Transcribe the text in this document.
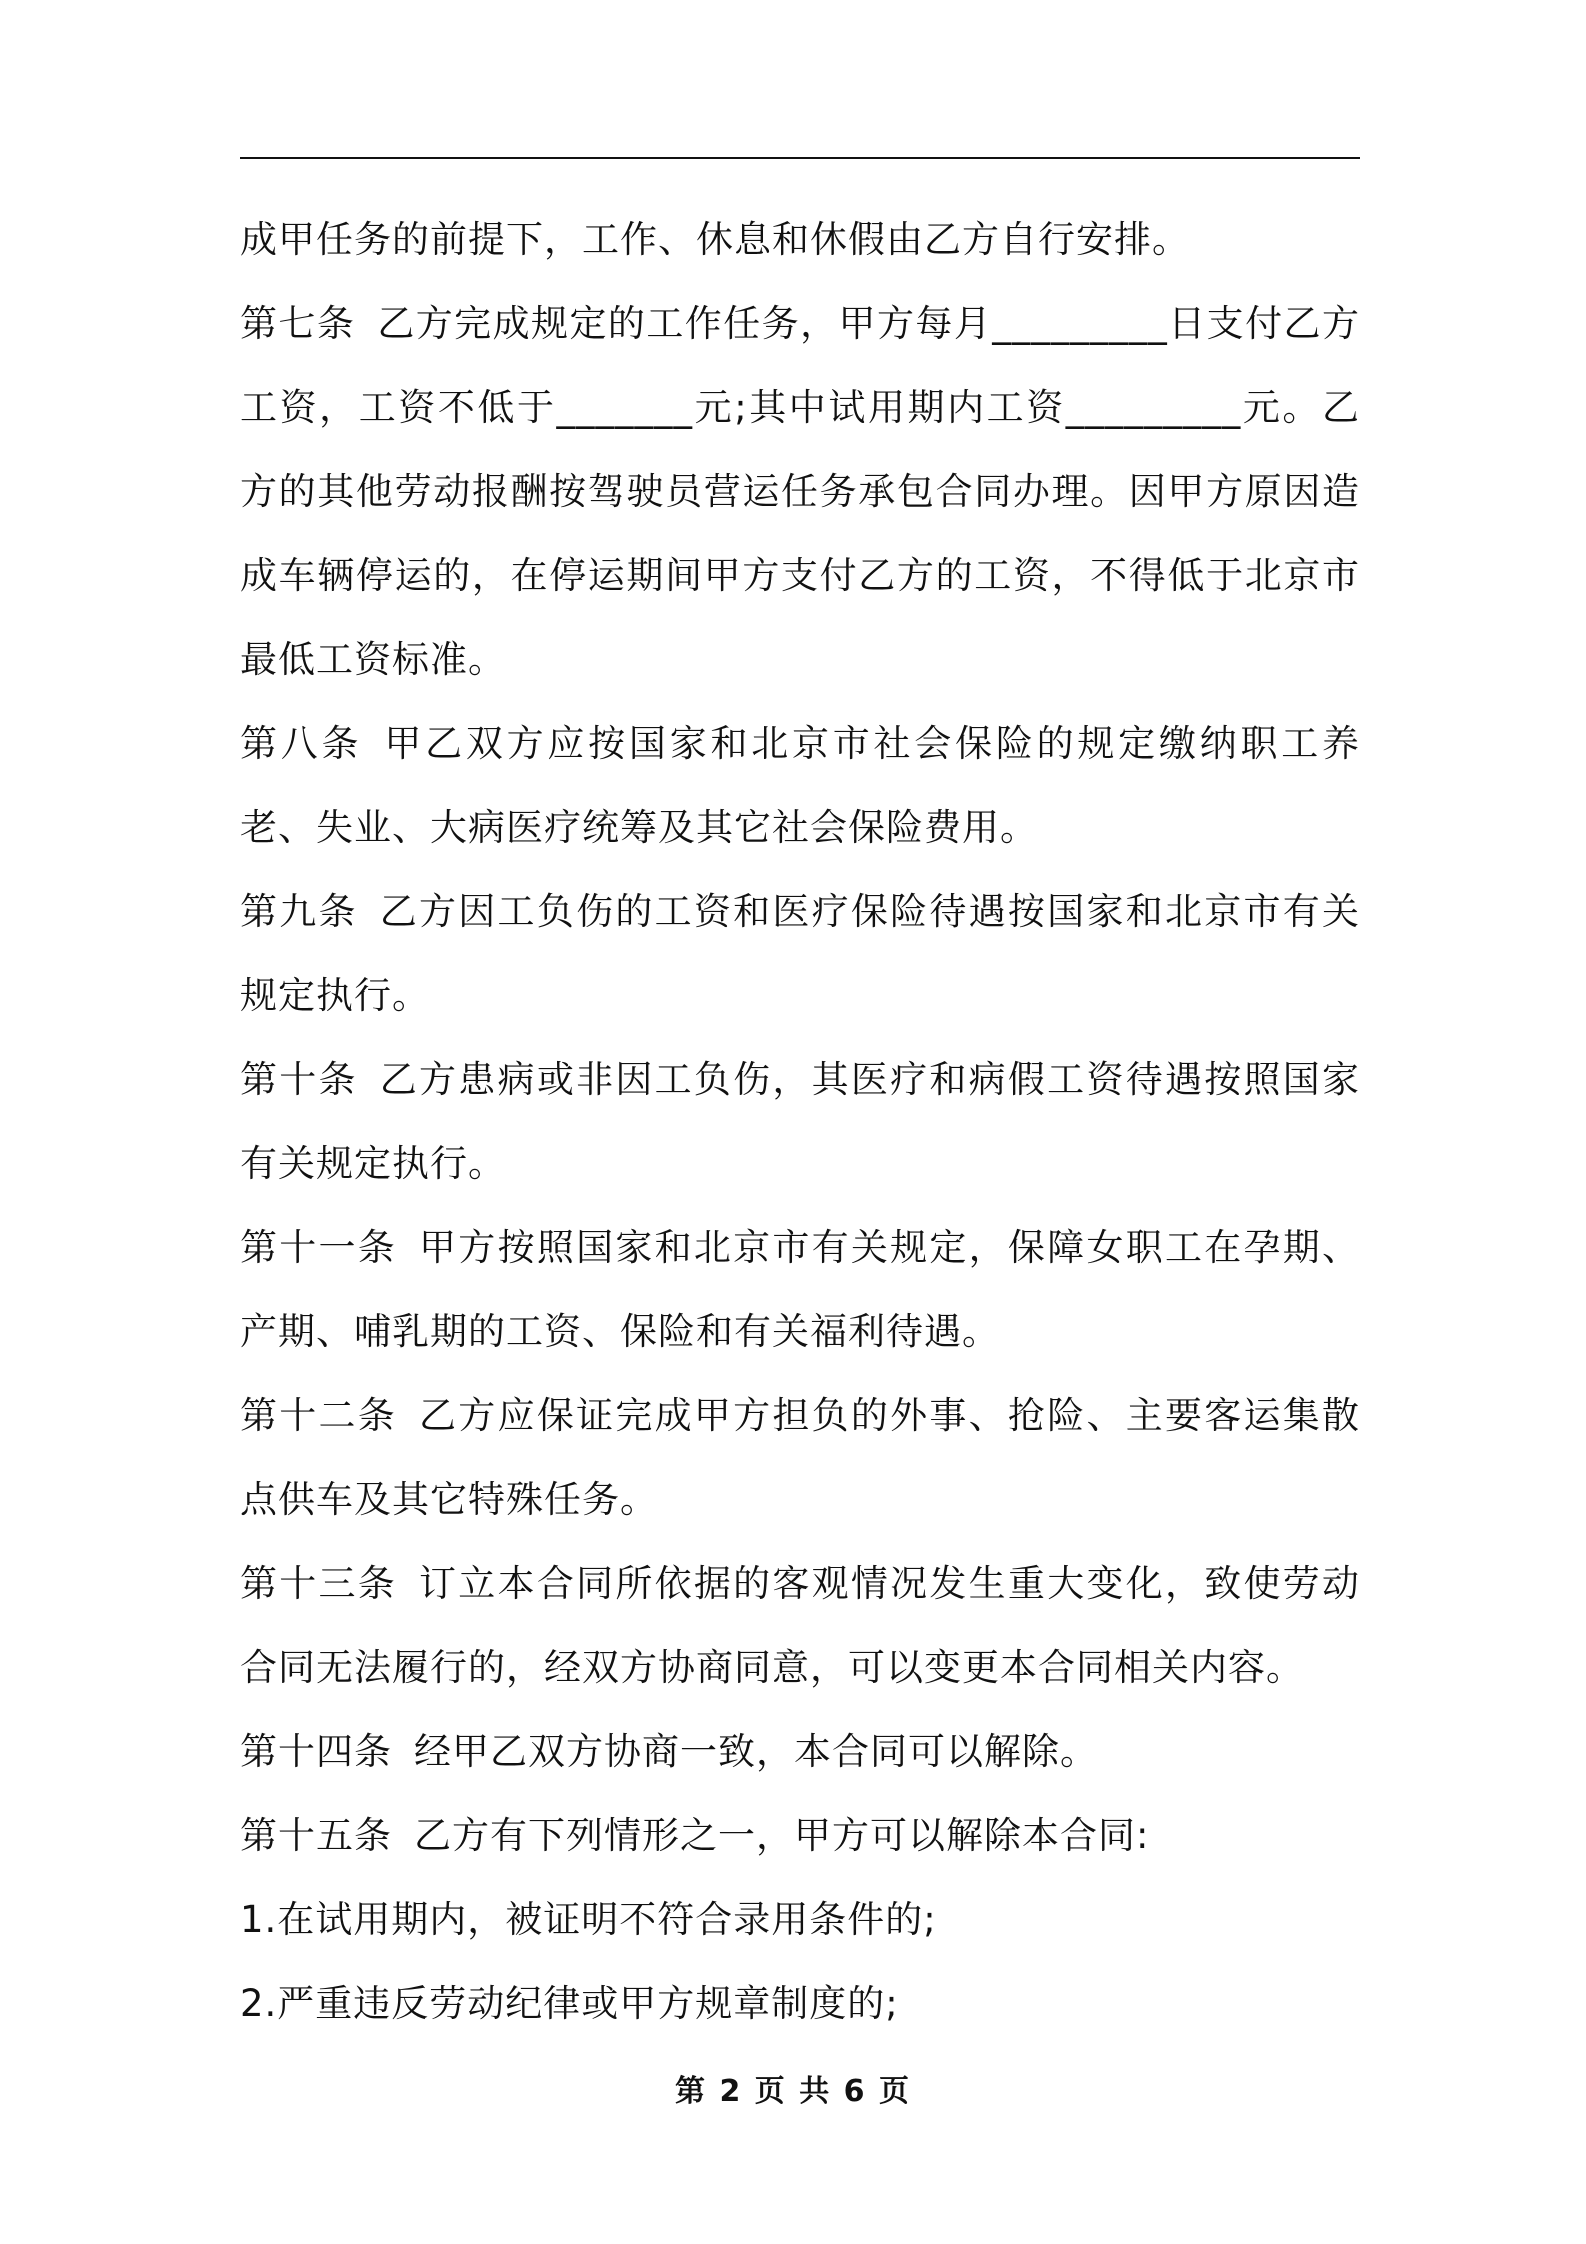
成甲任务的前提下，工作、休息和休假由乙方自行安排。

第七条 乙方完成规定的工作任务，甲方每月_________日支付乙方工资，工资不低于_______元;其中试用期内工资_________元。乙方的其他劳动报酬按驾驶员营运任务承包合同办理。因甲方原因造成车辆停运的，在停运期间甲方支付乙方的工资，不得低于北京市最低工资标准。

第八条 甲乙双方应按国家和北京市社会保险的规定缴纳职工养老、失业、大病医疗统筹及其它社会保险费用。

第九条 乙方因工负伤的工资和医疗保险待遇按国家和北京市有关规定执行。

第十条 乙方患病或非因工负伤，其医疗和病假工资待遇按照国家有关规定执行。

第十一条 甲方按照国家和北京市有关规定，保障女职工在孕期、产期、哺乳期的工资、保险和有关福利待遇。

第十二条 乙方应保证完成甲方担负的外事、抢险、主要客运集散点供车及其它特殊任务。

第十三条 订立本合同所依据的客观情况发生重大变化，致使劳动合同无法履行的，经双方协商同意，可以变更本合同相关内容。

第十四条 经甲乙双方协商一致，本合同可以解除。

第十五条 乙方有下列情形之一，甲方可以解除本合同:

1.在试用期内，被证明不符合录用条件的;

2.严重违反劳动纪律或甲方规章制度的;

第 2 页 共 6 页
